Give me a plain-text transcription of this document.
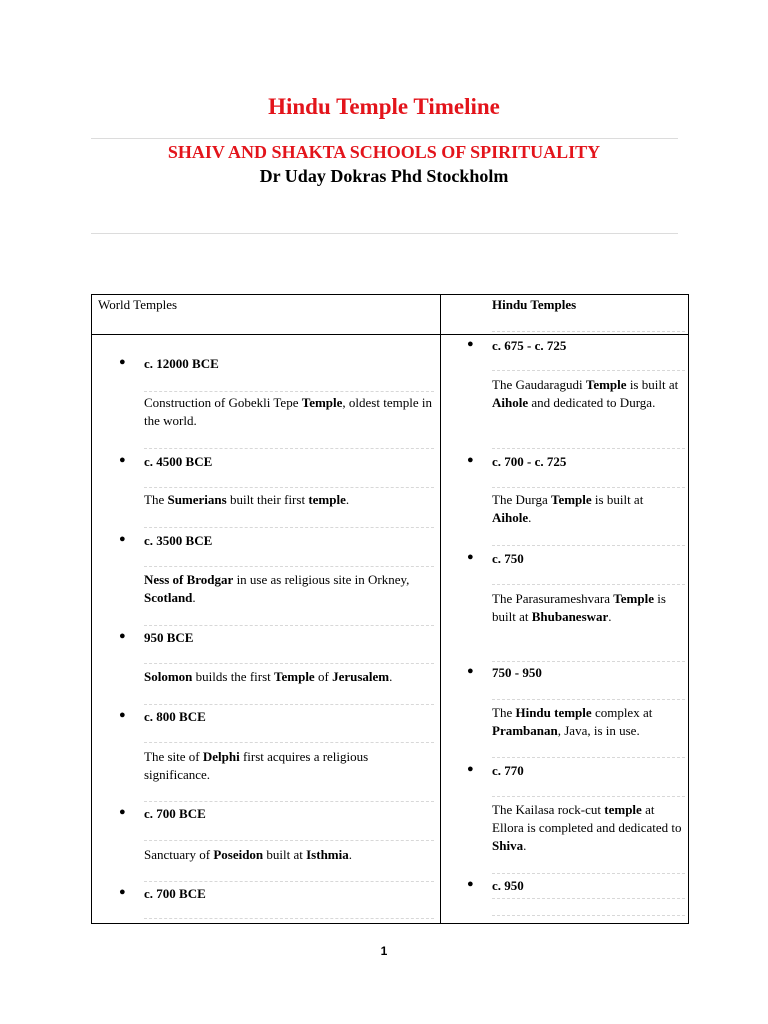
Hindu Temple Timeline
SHAIV AND SHAKTA SCHOOLS OF SPIRITUALITY
Dr Uday Dokras Phd Stockholm
World Temples	Hindu Temples
● c. 12000 BCE
Construction of Gobekli Tepe Temple, oldest temple in the world.
● c. 4500 BCE
The Sumerians built their first temple.
● c. 3500 BCE
Ness of Brodgar in use as religious site in Orkney, Scotland.
● 950 BCE
Solomon builds the first Temple of Jerusalem.
● c. 800 BCE
The site of Delphi first acquires a religious significance.
● c. 700 BCE
Sanctuary of Poseidon built at Isthmia.
● c. 700 BCE
● c. 675 - c. 725
The Gaudaragudi Temple is built at Aihole and dedicated to Durga.
● c. 700 - c. 725
The Durga Temple is built at Aihole.
● c. 750
The Parasurameshvara Temple is built at Bhubaneswar.
● 750 - 950
The Hindu temple complex at Prambanan, Java, is in use.
● c. 770
The Kailasa rock-cut temple at Ellora is completed and dedicated to Shiva.
● c. 950
1
